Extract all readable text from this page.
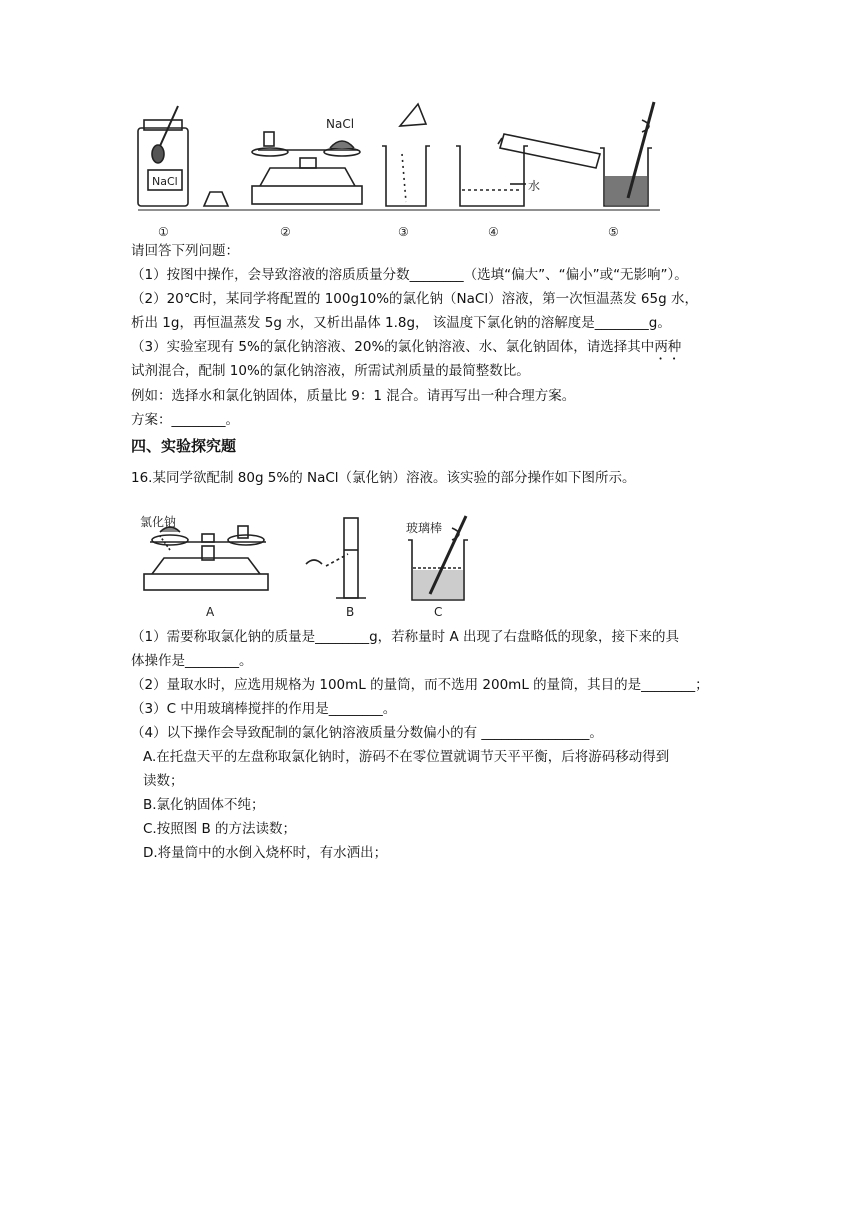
NaCl
NaCl	水
①	②	③	④	⑤
请回答下列问题：
（1）按图中操作，会导致溶液的溶质质量分数________（选填“偏大”、“偏小”或“无影响”）。
（2）20℃时，某同学将配置的 100g10%的氯化钠（NaCl）溶液，第一次恒温蒸发 65g 水，
析出 1g，再恒温蒸发 5g 水，又析出晶体 1.8g， 该温度下氯化钠的溶解度是________g。
（3）实验室现有 5%的氯化钠溶液、20%的氯化钠溶液、水、氯化钠固体，请选择其中两种
试剂混合，配制 10%的氯化钠溶液，所需试剂质量的最简整数比。
例如：选择水和氯化钠固体，质量比 9：1 混合。请再写出一种合理方案。
方案：________。
四、实验探究题
16.某同学欲配制 80g 5%的 NaCl（氯化钠）溶液。该实验的部分操作如下图所示。
氯化钠	玻璃棒
A	B	C
（1）需要称取氯化钠的质量是________g，若称量时 A 出现了右盘略低的现象，接下来的具
体操作是________。
（2）量取水时，应选用规格为 100mL 的量筒，而不选用 200mL 的量筒，其目的是________；
（3）C 中用玻璃棒搅拌的作用是________。
（4）以下操作会导致配制的氯化钠溶液质量分数偏小的有 ________________。
A.在托盘天平的左盘称取氯化钠时，游码不在零位置就调节天平平衡，后将游码移动得到
读数；
B.氯化钠固体不纯；
C.按照图 B 的方法读数；
D.将量筒中的水倒入烧杯时，有水洒出；
